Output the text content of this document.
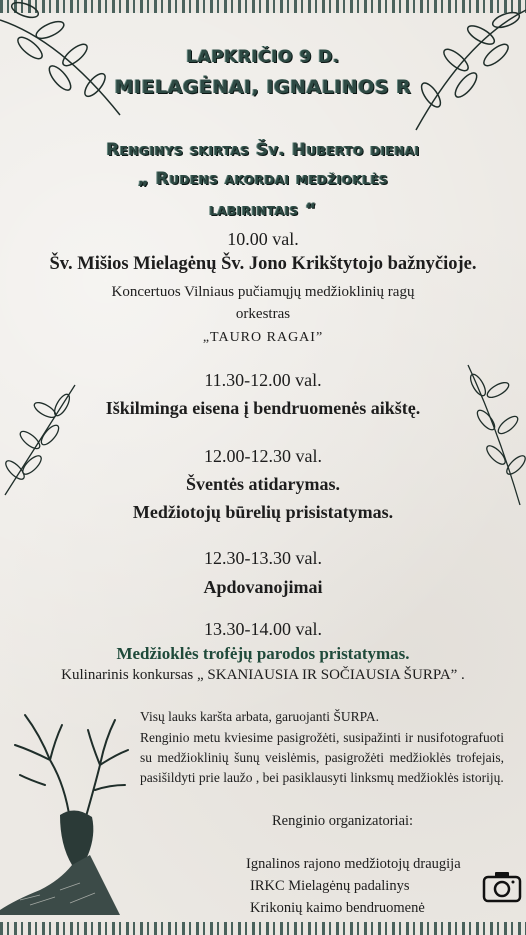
LAPKRIČIO 9 D.
MIELAGĖNAI, IGNALINOS R
Renginys skirtas Šv. Huberto dienai
„ Rudens akordai medžioklės
labirintais “
10.00 val.
Šv. Mišios Mielagėnų Šv. Jono Krikštytojo bažnyčioje.
Koncertuos Vilniaus pučiamųjų medžioklinių ragų
orkestras
„TAURO RAGAI”
11.30-12.00 val.
Iškilminga eisena į bendruomenės aikštę.
12.00-12.30 val.
Šventės atidarymas.
Medžiotojų būrelių prisistatymas.
12.30-13.30 val.
Apdovanojimai
13.30-14.00 val.
Medžioklės trofėjų parodos pristatymas.
Kulinarinis konkursas „ SKANIAUSIA IR SOČIAUSIA ŠURPA” .
Visų lauks karšta arbata, garuojanti ŠURPA.
Renginio metu kviesime pasigrožėti, susipažinti ir nusifotografuoti su medžioklinių šunų veislėmis, pasigrožėti medžioklės trofejais, pasišildyti prie laužo , bei pasiklausyti linksmų medžioklės istorijų.
Renginio organizatoriai:
Ignalinos rajono medžiotojų draugija
IRKC Mielagėnų padalinys
Krikonių kaimo bendruomenė
